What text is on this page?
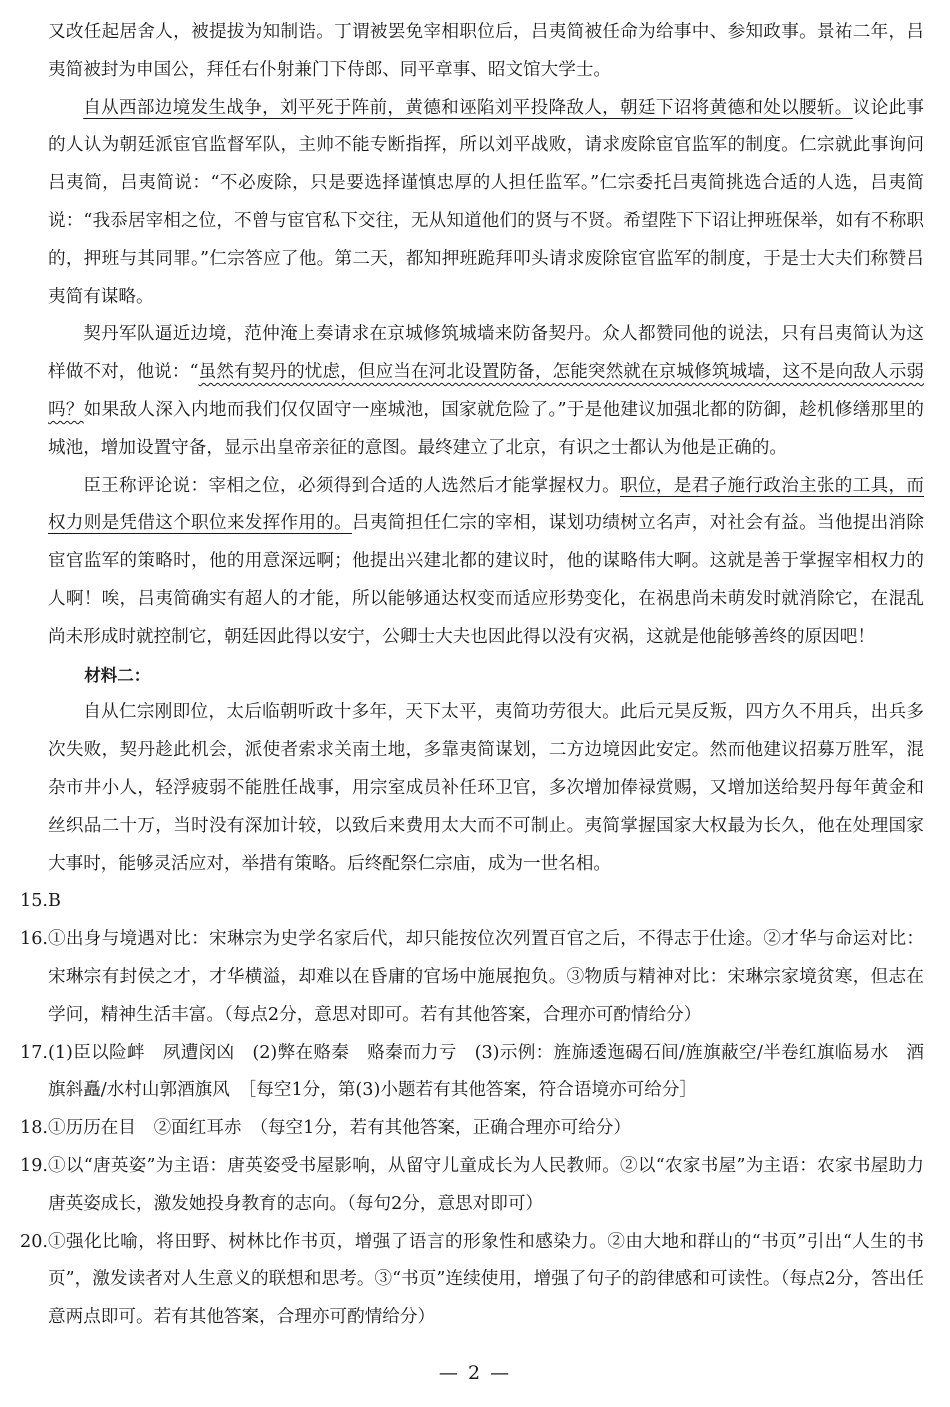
又改任起居舍人，被提拔为知制诰。丁谓被罢免宰相职位后，吕夷简被任命为给事中、参知政事。景祐二年，吕夷简被封为申国公，拜任右仆射兼门下侍郎、同平章事、昭文馆大学士。

自从西部边境发生战争，刘平死于阵前，黄德和诬陷刘平投降敌人，朝廷下诏将黄德和处以腰斩。议论此事的人认为朝廷派宦官监督军队，主帅不能专断指挥，所以刘平战败，请求废除宦官监军的制度。仁宗就此事询问吕夷简，吕夷简说：“不必废除，只是要选择谨慎忠厚的人担任监军。”仁宗委托吕夷简挑选合适的人选，吕夷简说：“我忝居宰相之位，不曾与宦官私下交往，无从知道他们的贤与不贤。希望陛下下诏让押班保举，如有不称职的，押班与其同罪。”仁宗答应了他。第二天，都知押班跪拜叩头请求废除宦官监军的制度，于是士大夫们称赞吕夷简有谋略。

契丹军队逼近边境，范仲淹上奏请求在京城修筑城墙来防备契丹。众人都赞同他的说法，只有吕夷简认为这样做不对，他说：“虽然有契丹的忧虑，但应当在河北设置防备，怎能突然就在京城修筑城墙，这不是向敌人示弱吗？如果敌人深入内地而我们仅仅固守一座城池，国家就危险了。”于是他建议加强北都的防御，趁机修缮那里的城池，增加设置守备，显示出皇帝亲征的意图。最终建立了北京，有识之士都认为他是正确的。

臣王称评论说：宰相之位，必须得到合适的人选然后才能掌握权力。职位，是君子施行政治主张的工具，而权力则是凭借这个职位来发挥作用的。吕夷简担任仁宗的宰相，谋划功绩树立名声，对社会有益。当他提出消除宦官监军的策略时，他的用意深远啊；他提出兴建北都的建议时，他的谋略伟大啊。这就是善于掌握宰相权力的人啊！唉，吕夷简确实有超人的才能，所以能够通达权变而适应形势变化，在祸患尚未萌发时就消除它，在混乱尚未形成时就控制它，朝廷因此得以安宁，公卿士大夫也因此得以没有灾祸，这就是他能够善终的原因吧！

材料二：

自从仁宗刚即位，太后临朝听政十多年，天下太平，夷简功劳很大。此后元昊反叛，四方久不用兵，出兵多次失败，契丹趁此机会，派使者索求关南土地，多靠夷简谋划，二方边境因此安定。然而他建议招募万胜军，混杂市井小人，轻浮疲弱不能胜任战事，用宗室成员补任环卫官，多次增加俸禄赏赐，又增加送给契丹每年黄金和丝织品二十万，当时没有深加计较，以致后来费用太大而不可制止。夷简掌握国家大权最为长久，他在处理国家大事时，能够灵活应对，举措有策略。后终配祭仁宗庙，成为一世名相。

15. B

16. ①出身与境遇对比：宋琳宗为史学名家后代，却只能按位次列置百官之后，不得志于仕途。②才华与命运对比：宋琳宗有封侯之才，才华横溢，却难以在昏庸的官场中施展抱负。③物质与精神对比：宋琳宗家境贫寒，但志在学问，精神生活丰富。（每点2分，意思对即可。若有其他答案，合理亦可酌情给分）

17. (1)臣以险衅　夙遭闵凶　(2)弊在赂秦　赂秦而力亏　(3)示例：旌旆逶迤碣石间/旌旗蔽空/半卷红旗临易水　酒旗斜矗/水村山郭酒旗风　［每空1分，第(3)小题若有其他答案，符合语境亦可给分］

18. ①历历在目　②面红耳赤　（每空1分，若有其他答案，正确合理亦可给分）

19. ①以“唐英姿”为主语：唐英姿受书屋影响，从留守儿童成长为人民教师。②以“农家书屋”为主语：农家书屋助力唐英姿成长，激发她投身教育的志向。（每句2分，意思对即可）

20. ①强化比喻，将田野、树林比作书页，增强了语言的形象性和感染力。②由大地和群山的“书页”引出“人生的书页”，激发读者对人生意义的联想和思考。③“书页”连续使用，增强了句子的韵律感和可读性。（每点2分，答出任意两点即可。若有其他答案，合理亦可酌情给分）

— 2 —
